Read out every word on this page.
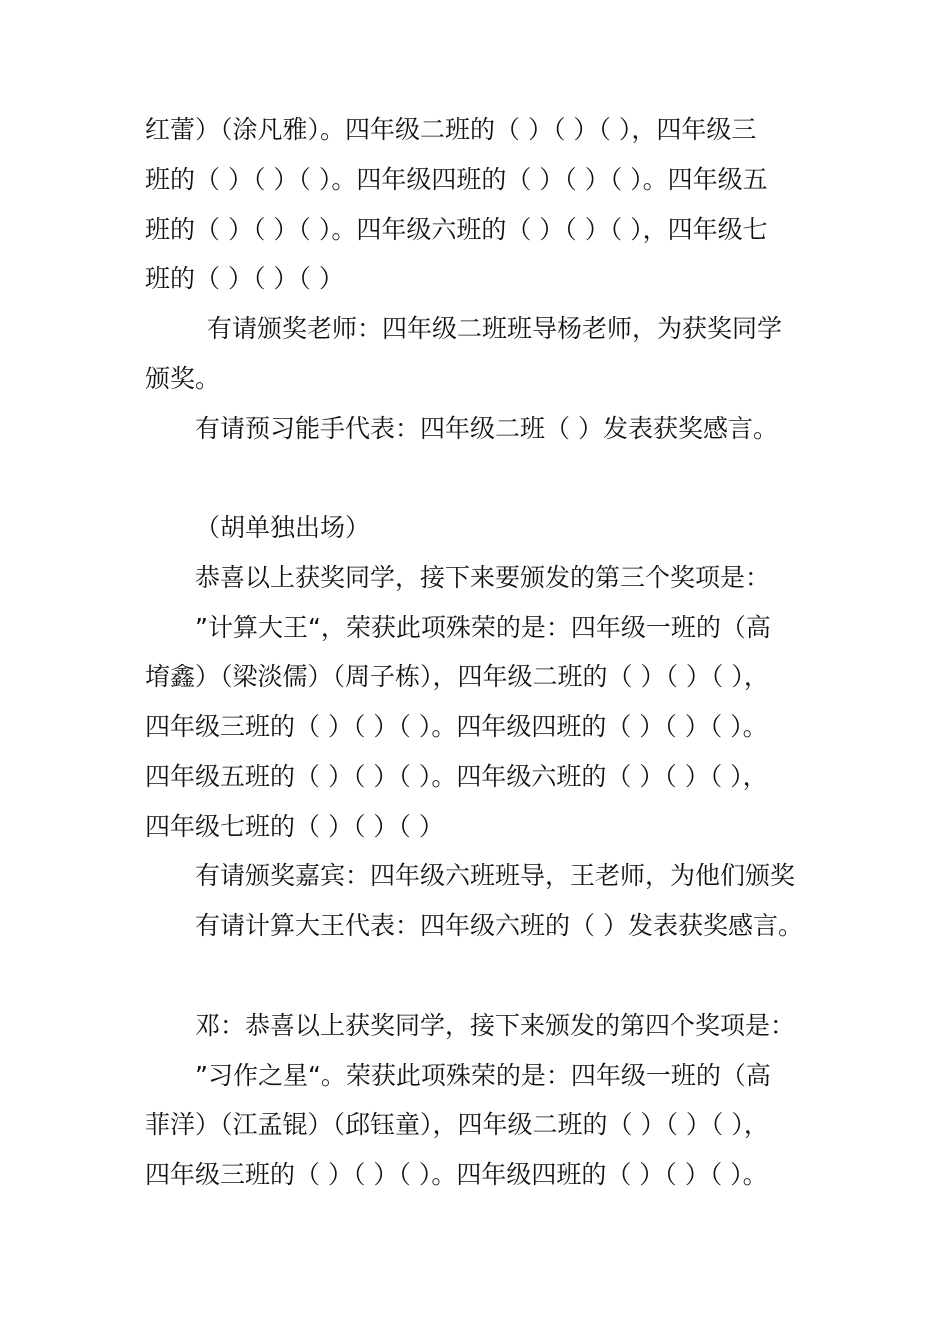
红蕾）（涂凡雅）。四年级二班的（ ）（ ）（ ），四年级三
班的（ ）（ ）（ ）。四年级四班的（ ）（ ）（ ）。四年级五
班的（ ）（ ）（ ）。四年级六班的（ ）（ ）（ ），四年级七
班的（ ）（ ）（ ）
有请颁奖老师：四年级二班班导杨老师，为获奖同学
颁奖。
有请预习能手代表：四年级二班（ ）发表获奖感言。
（胡单独出场）
恭喜以上获奖同学，接下来要颁发的第三个奖项是：
”计算大王“，荣获此项殊荣的是：四年级一班的（高
堉鑫）（梁淡儒）（周子栋），四年级二班的（ ）（ ）（ ），
四年级三班的（ ）（ ）（ ）。四年级四班的（ ）（ ）（ ）。
四年级五班的（ ）（ ）（ ）。四年级六班的（ ）（ ）（ ），
四年级七班的（ ）（ ）（ ）
有请颁奖嘉宾：四年级六班班导，王老师，为他们颁奖
有请计算大王代表：四年级六班的（ ）发表获奖感言。
邓：恭喜以上获奖同学，接下来颁发的第四个奖项是：
”习作之星“。荣获此项殊荣的是：四年级一班的（高
菲洋）（江孟锟）（邱钰童），四年级二班的（ ）（ ）（ ），
四年级三班的（ ）（ ）（ ）。四年级四班的（ ）（ ）（ ）。
